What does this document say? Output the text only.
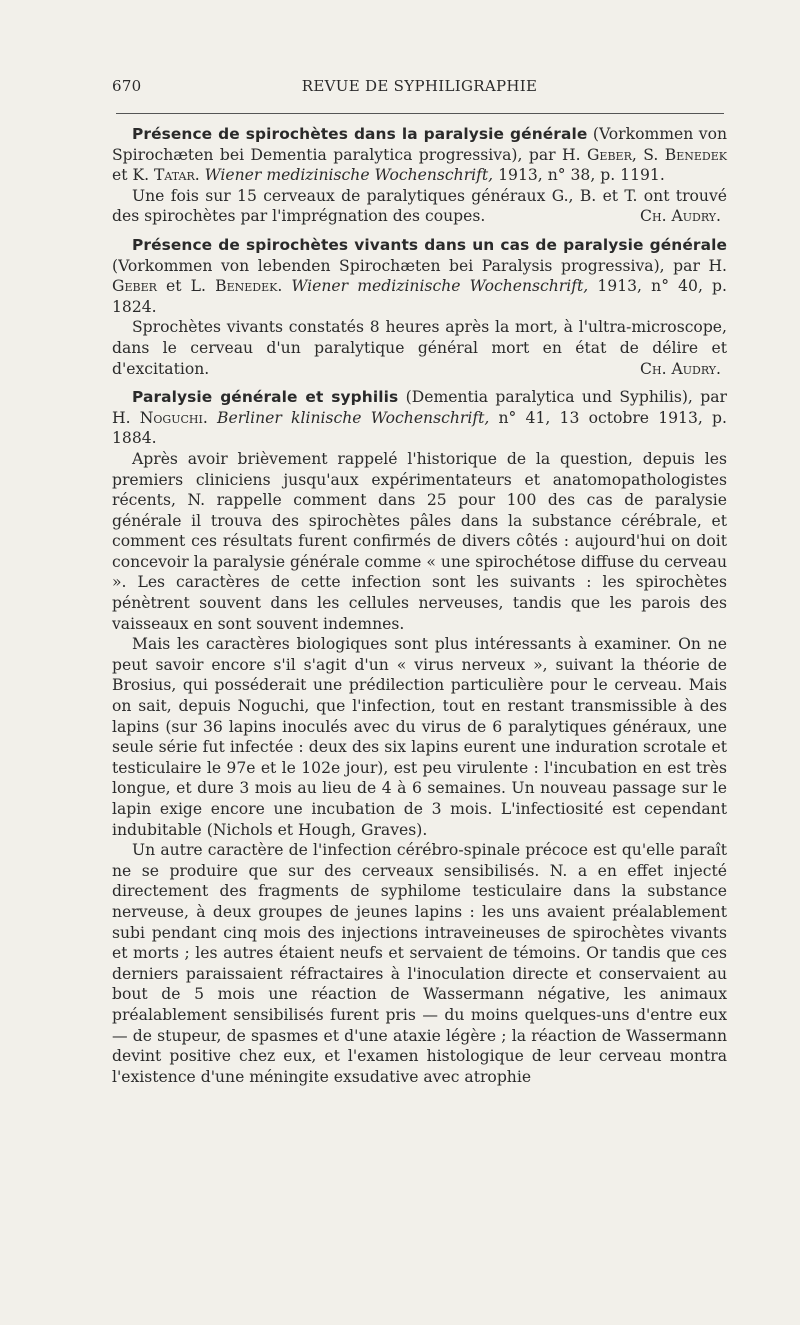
670	REVUE DE SYPHILIGRAPHIE

Présence de spirochètes dans la paralysie générale (Vorkommen von Spirochæten bei Dementia paralytica progressiva), par H. Geber, S. Benedek et K. Tatar. Wiener medizinische Wochenschrift, 1913, n° 38, p. 1191.

Une fois sur 15 cerveaux de paralytiques généraux G., B. et T. ont trouvé des spirochètes par l'imprégnation des coupes.	Ch. Audry.

Présence de spirochètes vivants dans un cas de paralysie générale (Vorkommen von lebenden Spirochæten bei Paralysis progressiva), par H. Geber et L. Benedek. Wiener medizinische Wochenschrift, 1913, n° 40, p. 1824.

Sprochètes vivants constatés 8 heures après la mort, à l'ultra-microscope, dans le cerveau d'un paralytique général mort en état de délire et d'excitation.	Ch. Audry.

Paralysie générale et syphilis (Dementia paralytica und Syphilis), par H. Noguchi. Berliner klinische Wochenschrift, n° 41, 13 octobre 1913, p. 1884.

Après avoir brièvement rappelé l'historique de la question, depuis les premiers cliniciens jusqu'aux expérimentateurs et anatomopathologistes récents, N. rappelle comment dans 25 pour 100 des cas de paralysie générale il trouva des spirochètes pâles dans la substance cérébrale, et comment ces résultats furent confirmés de divers côtés : aujourd'hui on doit concevoir la paralysie générale comme « une spirochétose diffuse du cerveau ». Les caractères de cette infection sont les suivants : les spirochètes pénètrent souvent dans les cellules nerveuses, tandis que les parois des vaisseaux en sont souvent indemnes.

Mais les caractères biologiques sont plus intéressants à examiner. On ne peut savoir encore s'il s'agit d'un « virus nerveux », suivant la théorie de Brosius, qui posséderait une prédilection particulière pour le cerveau. Mais on sait, depuis Noguchi, que l'infection, tout en restant transmissible à des lapins (sur 36 lapins inoculés avec du virus de 6 paralytiques généraux, une seule série fut infectée : deux des six lapins eurent une induration scrotale et testiculaire le 97e et le 102e jour), est peu virulente : l'incubation en est très longue, et dure 3 mois au lieu de 4 à 6 semaines. Un nouveau passage sur le lapin exige encore une incubation de 3 mois. L'infectiosité est cependant indubitable (Nichols et Hough, Graves).

Un autre caractère de l'infection cérébro-spinale précoce est qu'elle paraît ne se produire que sur des cerveaux sensibilisés. N. a en effet injecté directement des fragments de syphilome testiculaire dans la substance nerveuse, à deux groupes de jeunes lapins : les uns avaient préalablement subi pendant cinq mois des injections intraveineuses de spirochètes vivants et morts ; les autres étaient neufs et servaient de témoins. Or tandis que ces derniers paraissaient réfractaires à l'inoculation directe et conservaient au bout de 5 mois une réaction de Wassermann négative, les animaux préalablement sensibilisés furent pris — du moins quelques-uns d'entre eux — de stupeur, de spasmes et d'une ataxie légère ; la réaction de Wassermann devint positive chez eux, et l'examen histologique de leur cerveau montra l'existence d'une méningite exsudative avec atrophie
